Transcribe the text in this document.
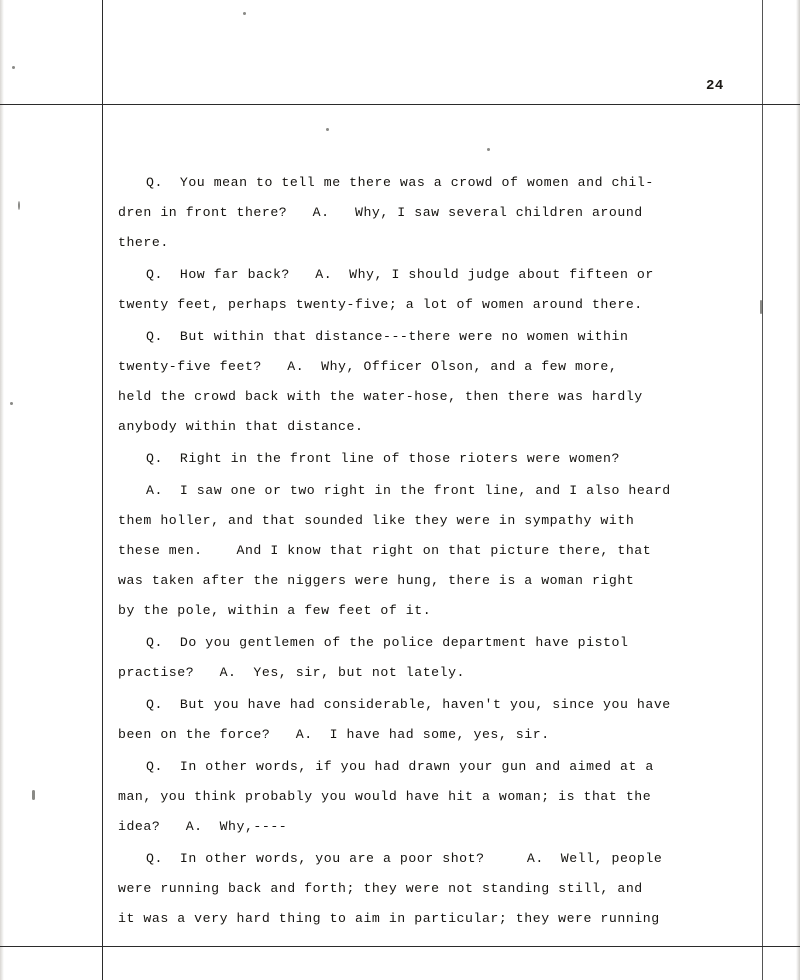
24
Q.  You mean to tell me there was a crowd of women and chil-
dren in front there?   A.   Why, I saw several children around
there.
Q.  How far back?   A.  Why, I should judge about fifteen or
twenty feet, perhaps twenty-five; a lot of women around there.
Q.  But within that distance---there were no women within
twenty-five feet?   A.  Why, Officer Olson, and a few more,
held the crowd back with the water-hose, then there was hardly
anybody within that distance.
Q.  Right in the front line of those rioters were women?
A.  I saw one or two right in the front line, and I also heard
them holler, and that sounded like they were in sympathy with
these men.    And I know that right on that picture there, that
was taken after the niggers were hung, there is a woman right
by the pole, within a few feet of it.
Q.  Do you gentlemen of the police department have pistol
practise?   A.  Yes, sir, but not lately.
Q.  But you have had considerable, haven't you, since you have
been on the force?   A.  I have had some, yes, sir.
Q.  In other words, if you had drawn your gun and aimed at a
man, you think probably you would have hit a woman; is that the
idea?   A.  Why,----
Q.  In other words, you are a poor shot?     A.  Well, people
were running back and forth; they were not standing still, and
it was a very hard thing to aim in particular; they were running
